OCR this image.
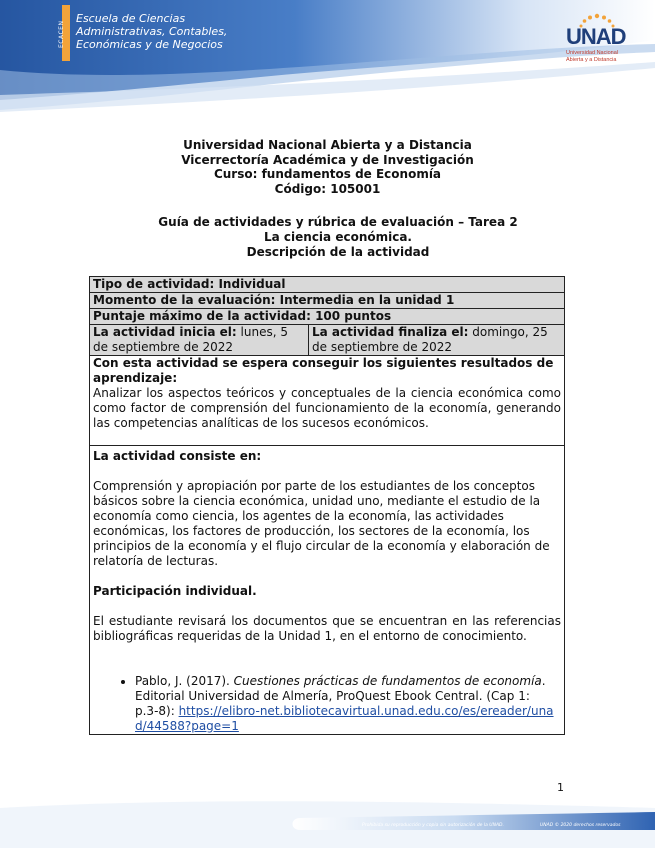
ECACEN
Escuela de Ciencias
Administrativas, Contables,
Económicas y de Negocios	UNAD
Universidad Nacional
Abierta y a Distancia
Universidad Nacional Abierta y a Distancia
Vicerrectoría Académica y de Investigación
Curso: fundamentos de Economía
Código: 105001
Guía de actividades y rúbrica de evaluación – Tarea 2
La ciencia económica.
Descripción de la actividad
Tipo de actividad: Individual
Momento de la evaluación: Intermedia en la unidad 1
Puntaje máximo de la actividad: 100 puntos
La actividad inicia el: lunes, 5 de septiembre de 2022
La actividad finaliza el: domingo, 25 de septiembre de 2022
Con esta actividad se espera conseguir los siguientes resultados de aprendizaje:
Analizar los aspectos teóricos y conceptuales de la ciencia económica como como factor de comprensión del funcionamiento de la economía, generando las competencias analíticas de los sucesos económicos.
La actividad consiste en:
Comprensión y apropiación por parte de los estudiantes de los conceptos básicos sobre la ciencia económica, unidad uno, mediante el estudio de la economía como ciencia, los agentes de la economía, las actividades económicas, los factores de producción, los sectores de la economía, los principios de la economía y el flujo circular de la economía y elaboración de relatoría de lecturas.
Participación individual.
El estudiante revisará los documentos que se encuentran en las referencias bibliográficas requeridas de la Unidad 1, en el entorno de conocimiento.
• Pablo, J. (2017). Cuestiones prácticas de fundamentos de economía. Editorial Universidad de Almería, ProQuest Ebook Central. (Cap 1: p.3-8): https://elibro-net.bibliotecavirtual.unad.edu.co/es/ereader/unad/44588?page=1
1
Prohibida su reproducción y copia sin autorización de la UNAD.	UNAD © 2020 derechos reservados
